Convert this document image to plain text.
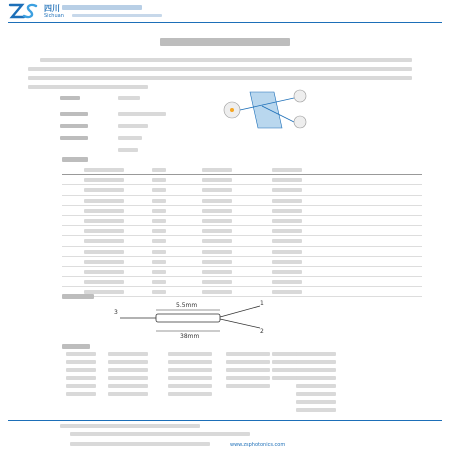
四川
Sichuan
5.5mm
38mm
3
1
2
www.zsphotonics.com
